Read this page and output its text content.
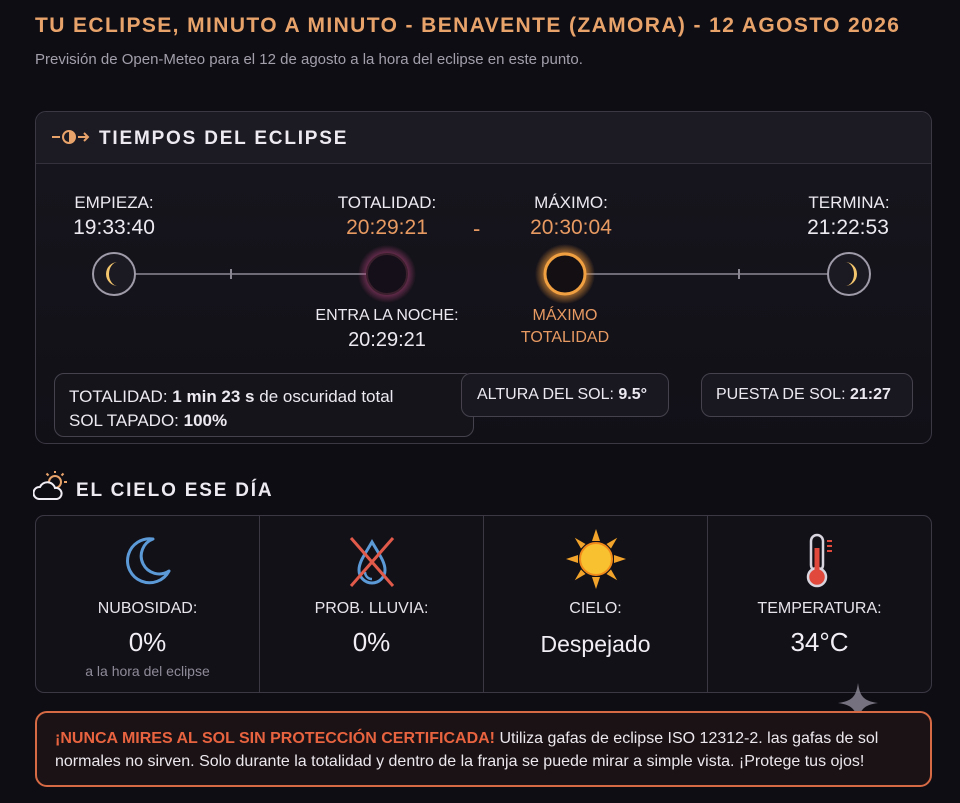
TU ECLIPSE, MINUTO A MINUTO - BENAVENTE (ZAMORA) - 12 AGOSTO 2026
Previsión de Open-Meteo para el 12 de agosto a la hora del eclipse en este punto.
TIEMPOS DEL ECLIPSE
EMPIEZA:
19:33:40
TOTALIDAD:
20:29:21	-
MÁXIMO:
20:30:04
TERMINA:
21:22:53
ENTRA LA NOCHE:
20:29:21
MÁXIMO
TOTALIDAD
TOTALIDAD: 1 min 23 s de oscuridad total
SOL TAPADO: 100%
ALTURA DEL SOL: 9.5°	PUESTA DE SOL: 21:27
EL CIELO ESE DÍA
NUBOSIDAD:
0%
a la hora del eclipse
PROB. LLUVIA:
0%
CIELO:
Despejado
TEMPERATURA:
34°C
¡NUNCA MIRES AL SOL SIN PROTECCIÓN CERTIFICADA! Utiliza gafas de eclipse ISO 12312-2. las gafas de sol normales no sirven. Solo durante la totalidad y dentro de la franja se puede mirar a simple vista. ¡Protege tus ojos!
